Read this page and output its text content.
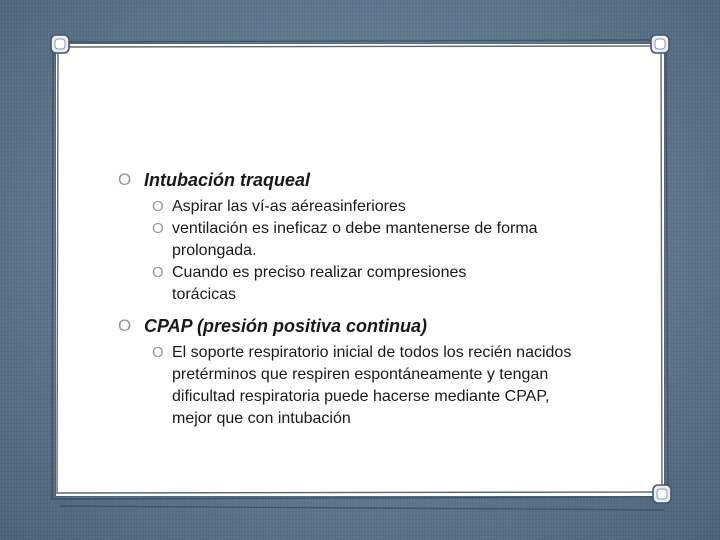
O Intubación traqueal
O Aspirar las ví-as aéreasinferiores
O ventilación es ineficaz o debe mantenerse de forma prolongada.
O Cuando es preciso realizar compresiones torácicas
O CPAP (presión positiva continua)
O El soporte respiratorio inicial de todos los recién nacidos pretérminos que respiren espontáneamente y tengan dificultad respiratoria puede hacerse mediante CPAP, mejor que con intubación
